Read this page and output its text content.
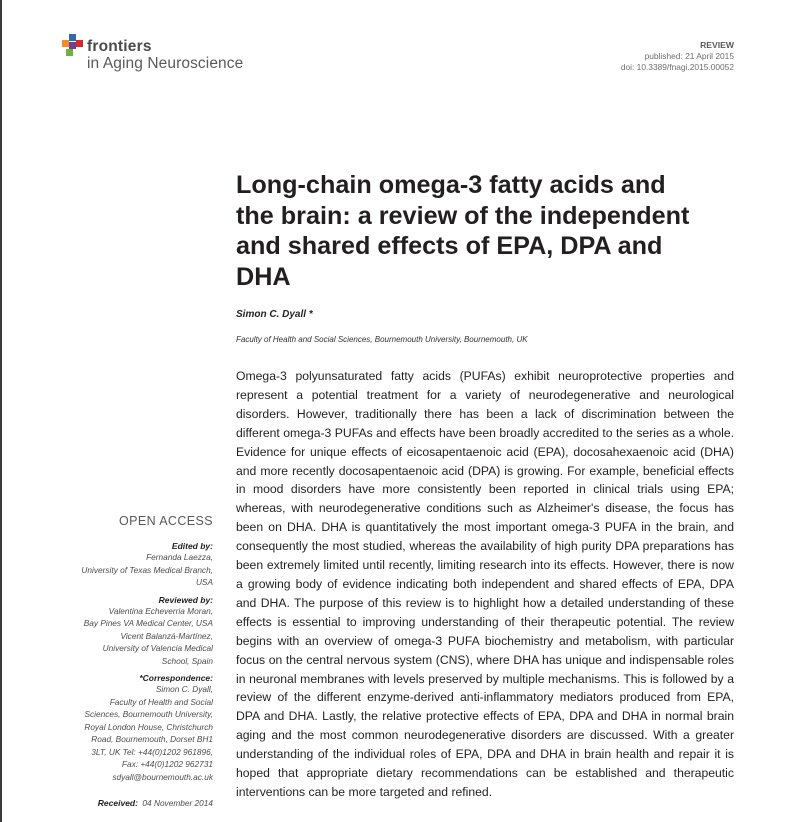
frontiers
in Aging Neuroscience
REVIEW
published: 21 April 2015
doi: 10.3389/fnagi.2015.00052
Long-chain omega-3 fatty acids and the brain: a review of the independent and shared effects of EPA, DPA and DHA
Simon C. Dyall *
Faculty of Health and Social Sciences, Bournemouth University, Bournemouth, UK

Omega-3 polyunsaturated fatty acids (PUFAs) exhibit neuroprotective properties and represent a potential treatment for a variety of neurodegenerative and neurological disorders. However, traditionally there has been a lack of discrimination between the different omega-3 PUFAs and effects have been broadly accredited to the series as a whole. Evidence for unique effects of eicosapentaenoic acid (EPA), docosahexaenoic acid (DHA) and more recently docosapentaenoic acid (DPA) is growing. For example, beneficial effects in mood disorders have more consistently been reported in clinical trials using EPA; whereas, with neurodegenerative conditions such as Alzheimer's disease, the focus has been on DHA. DHA is quantitatively the most important omega-3 PUFA in the brain, and consequently the most studied, whereas the availability of high purity DPA preparations has been extremely limited until recently, limiting research into its effects. However, there is now a growing body of evidence indicating both independent and shared effects of EPA, DPA and DHA. The purpose of this review is to highlight how a detailed understanding of these effects is essential to improving understanding of their therapeutic potential. The review begins with an overview of omega-3 PUFA biochemistry and metabolism, with particular focus on the central nervous system (CNS), where DHA has unique and indispensable roles in neuronal membranes with levels preserved by multiple mechanisms. This is followed by a review of the different enzyme-derived anti-inflammatory mediators produced from EPA, DPA and DHA. Lastly, the relative protective effects of EPA, DPA and DHA in normal brain aging and the most common neurodegenerative disorders are discussed. With a greater understanding of the individual roles of EPA, DPA and DHA in brain health and repair it is hoped that appropriate dietary recommendations can be established and therapeutic interventions can be more targeted and refined.

OPEN ACCESS
Edited by:
Fernanda Laezza,
University of Texas Medical Branch,
USA
Reviewed by:
Valentina Echeverria Moran,
Bay Pines VA Medical Center, USA
Vicent Balanzá-Martínez,
University of Valencia Medical
School, Spain
*Correspondence:
Simon C. Dyall,
Faculty of Health and Social
Sciences, Bournemouth University,
Royal London House, Christchurch
Road, Bournemouth, Dorset BH1
3LT, UK Tel: +44(0)1202 961896,
Fax: +44(0)1202 962731
sdyall@bournemouth.ac.uk
Received: 04 November 2014
